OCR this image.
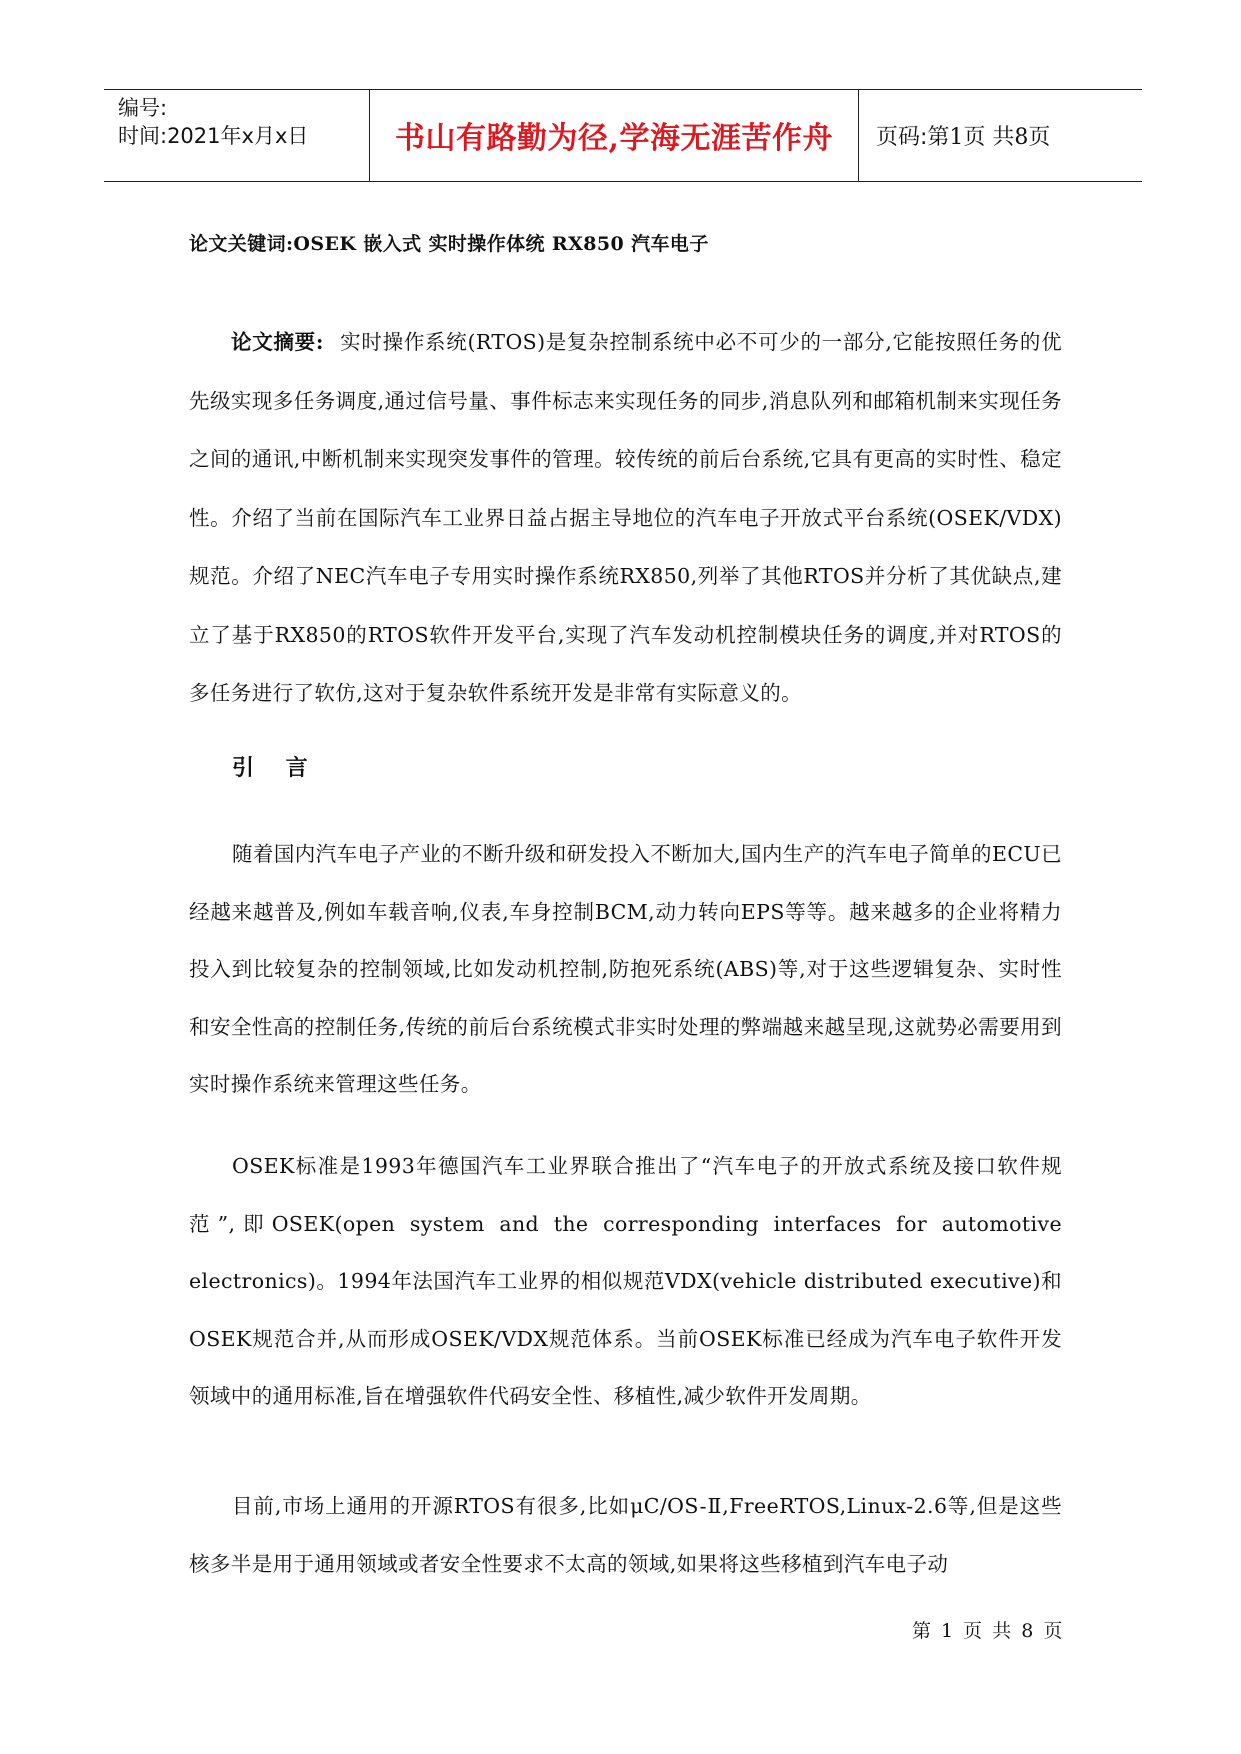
编号:
时间:2021年x月x日	书山有路勤为径,学海无涯苦作舟	页码: 第1页 共8页
论文关键词:OSEK 嵌入式 实时操作体统 RX850 汽车电子
论文摘要: 实时操作系统(RTOS)是复杂控制系统中必不可少的一部分,它能按照任务的优先级实现多任务调度,通过信号量、事件标志来实现任务的同步,消息队列和邮箱机制来实现任务之间的通讯,中断机制来实现突发事件的管理。较传统的前后台系统,它具有更高的实时性、稳定性。介绍了当前在国际汽车工业界日益占据主导地位的汽车电子开放式平台系统(OSEK/VDX)规范。介绍了NEC汽车电子专用实时操作系统RX850,列举了其他RTOS并分析了其优缺点,建立了基于RX850的RTOS软件开发平台,实现了汽车发动机控制模块任务的调度,并对RTOS的多任务进行了软仿,这对于复杂软件系统开发是非常有实际意义的。
引 言
随着国内汽车电子产业的不断升级和研发投入不断加大,国内生产的汽车电子简单的ECU已经越来越普及,例如车载音响,仪表,车身控制BCM,动力转向EPS等等。越来越多的企业将精力投入到比较复杂的控制领域,比如发动机控制,防抱死系统(ABS)等,对于这些逻辑复杂、实时性和安全性高的控制任务,传统的前后台系统模式非实时处理的弊端越来越呈现,这就势必需要用到实时操作系统来管理这些任务。
OSEK标准是1993年德国汽车工业界联合推出了“汽车电子的开放式系统及接口软件规范”,即OSEK(open system and the corresponding interfaces for automotive electronics)。1994年法国汽车工业界的相似规范VDX(vehicle distributed executive)和OSEK规范合并,从而形成OSEK/VDX规范体系。当前OSEK标准已经成为汽车电子软件开发领域中的通用标准,旨在增强软件代码安全性、移植性,减少软件开发周期。
目前,市场上通用的开源RTOS有很多,比如μC/OS-Ⅱ,FreeRTOS,Linux-2.6等,但是这些核多半是用于通用领域或者安全性要求不太高的领域,如果将这些移植到汽车电子动
第 1 页 共 8 页
